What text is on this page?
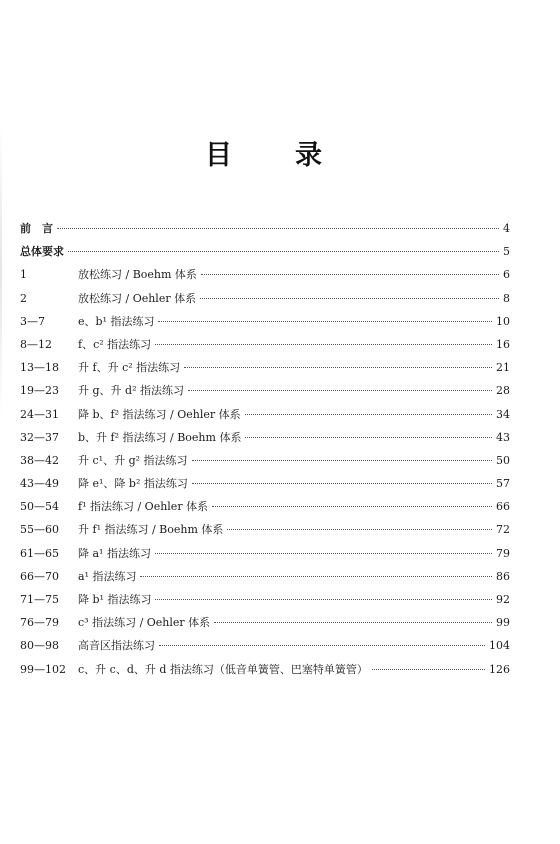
目 录
前　言	4
总体要求	5
1	放松练习 / Boehm 体系	6
2	放松练习 / Oehler 体系	8
3—7	e、b¹ 指法练习	10
8—12	f、c² 指法练习	16
13—18	升 f、升 c² 指法练习	21
19—23	升 g、升 d² 指法练习	28
24—31	降 b、f² 指法练习 / Oehler 体系	34
32—37	b、升 f² 指法练习 / Boehm 体系	43
38—42	升 c¹、升 g² 指法练习	50
43—49	降 e¹、降 b² 指法练习	57
50—54	f¹ 指法练习 / Oehler 体系	66
55—60	升 f¹ 指法练习 / Boehm 体系	72
61—65	降 a¹ 指法练习	79
66—70	a¹ 指法练习	86
71—75	降 b¹ 指法练习	92
76—79	c³ 指法练习 / Oehler 体系	99
80—98	高音区指法练习	104
99—102	c、升 c、d、升 d 指法练习（低音单簧管、巴塞特单簧管）	126
